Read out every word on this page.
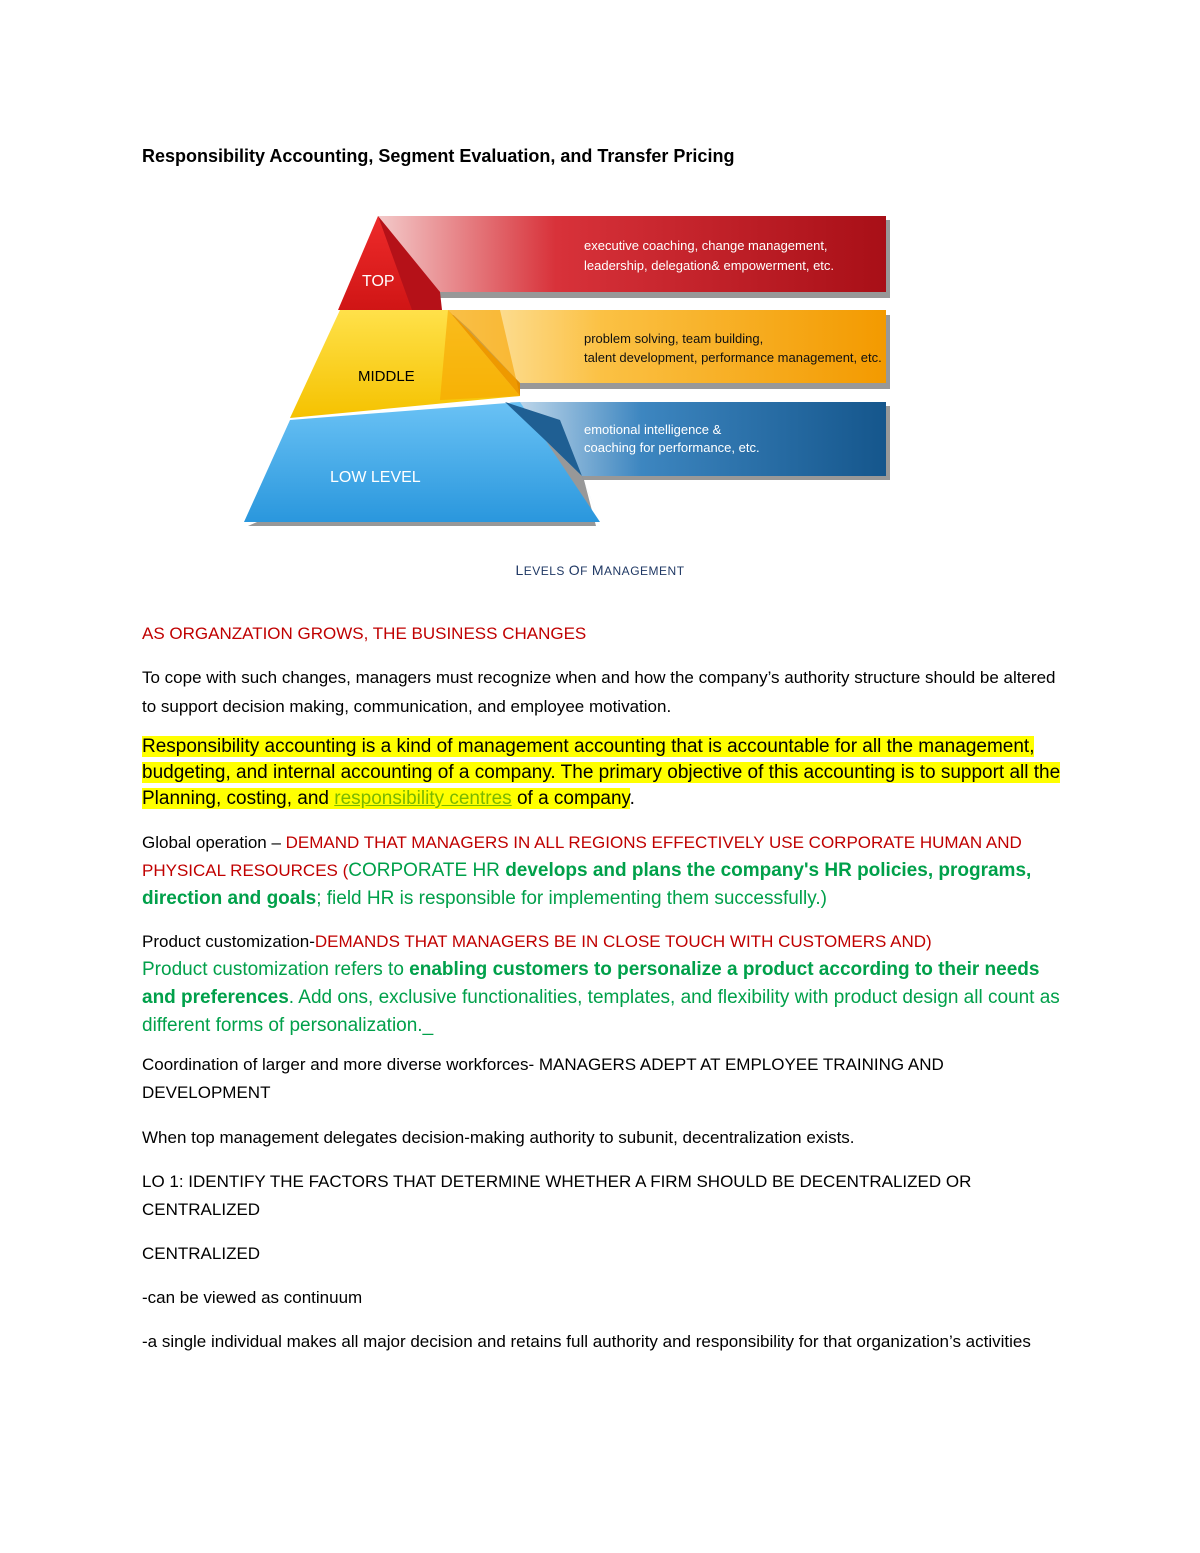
Responsibility Accounting, Segment Evaluation, and Transfer Pricing

TOP
MIDDLE
LOW LEVEL
executive coaching, change management,
leadership, delegation& empowerment, etc.
problem solving, team building,
talent development, performance management, etc.
emotional intelligence &
coaching for performance, etc.

LEVELS OF MANAGEMENT

AS ORGANZATION GROWS, THE BUSINESS CHANGES

To cope with such changes, managers must recognize when and how the company’s authority structure should be altered to support decision making, communication, and employee motivation.

Responsibility accounting is a kind of management accounting that is accountable for all the management, budgeting, and internal accounting of a company. The primary objective of this accounting is to support all the Planning, costing, and responsibility centres of a company.

Global operation – DEMAND THAT MANAGERS IN ALL REGIONS EFFECTIVELY USE CORPORATE HUMAN AND PHYSICAL RESOURCES (CORPORATE HR develops and plans the company's HR policies, programs, direction and goals; field HR is responsible for implementing them successfully.)

Product customization-DEMANDS THAT MANAGERS BE IN CLOSE TOUCH WITH CUSTOMERS AND)
Product customization refers to enabling customers to personalize a product according to their needs and preferences. Add ons, exclusive functionalities, templates, and flexibility with product design all count as different forms of personalization._

Coordination of larger and more diverse workforces- MANAGERS ADEPT AT EMPLOYEE TRAINING AND DEVELOPMENT

When top management delegates decision-making authority to subunit, decentralization exists.

LO 1: IDENTIFY THE FACTORS THAT DETERMINE WHETHER A FIRM SHOULD BE DECENTRALIZED OR CENTRALIZED

CENTRALIZED

-can be viewed as continuum

-a single individual makes all major decision and retains full authority and responsibility for that organization’s activities
